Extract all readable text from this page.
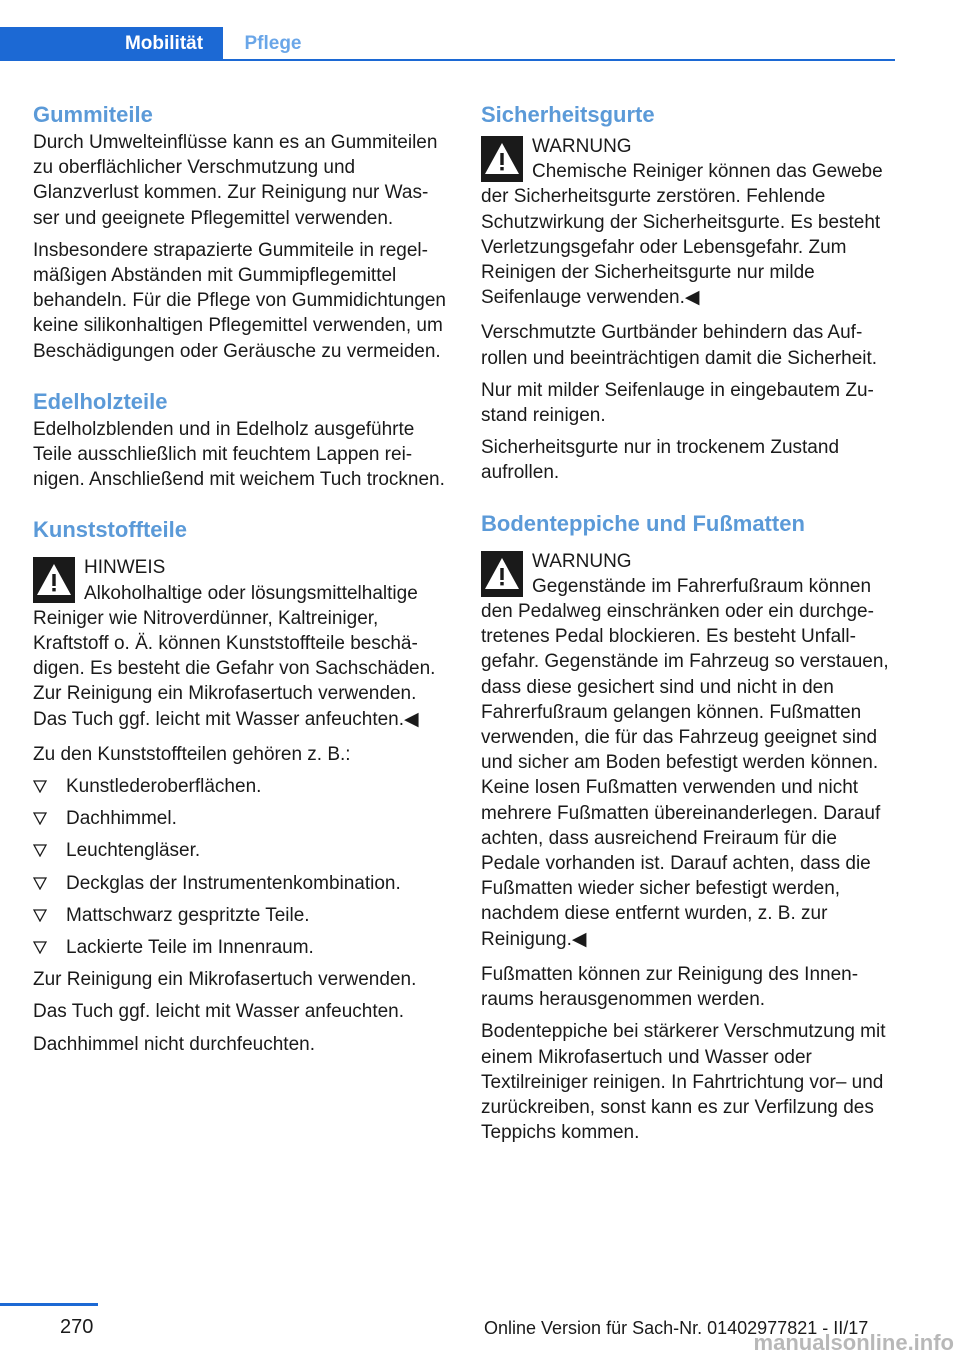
Mobilität	Pflege
Gummiteile

Durch Umwelteinflüsse kann es an Gummiteilen zu oberflächlicher Verschmutzung und Glanzverlust kommen. Zur Reinigung nur Wasser und geeignete Pflegemittel verwenden.

Insbesondere strapazierte Gummiteile in regelmäßigen Abständen mit Gummipflegemittel behandeln. Für die Pflege von Gummidichtungen keine silikonhaltigen Pflegemittel verwenden, um Beschädigungen oder Geräusche zu vermeiden.

Edelholzteile

Edelholzblenden und in Edelholz ausgeführte Teile ausschließlich mit feuchtem Lappen reinigen. Anschließend mit weichem Tuch trocknen.

Kunststoffteile
HINWEIS

Alkoholhaltige oder lösungsmittelhaltige Reiniger wie Nitroverdünner, Kaltreiniger, Kraftstoff o. Ä. können Kunststoffteile beschädigen. Es besteht die Gefahr von Sachschäden. Zur Reinigung ein Mikrofasertuch verwenden. Das Tuch ggf. leicht mit Wasser anfeuchten.◀

Zu den Kunststoffteilen gehören z. B.:

Kunstlederoberflächen.
Dachhimmel.
Leuchtengläser.
Deckglas der Instrumentenkombination.
Mattschwarz gespritzte Teile.
Lackierte Teile im Innenraum.

Zur Reinigung ein Mikrofasertuch verwenden.

Das Tuch ggf. leicht mit Wasser anfeuchten.

Dachhimmel nicht durchfeuchten.

Sicherheitsgurte
WARNUNG

Chemische Reiniger können das Gewebe der Sicherheitsgurte zerstören. Fehlende Schutzwirkung der Sicherheitsgurte. Es besteht Verletzungsgefahr oder Lebensgefahr. Zum Reinigen der Sicherheitsgurte nur milde Seifenlauge verwenden.◀

Verschmutzte Gurtbänder behindern das Aufrollen und beeinträchtigen damit die Sicherheit.

Nur mit milder Seifenlauge in eingebautem Zustand reinigen.

Sicherheitsgurte nur in trockenem Zustand aufrollen.

Bodenteppiche und Fußmatten
WARNUNG

Gegenstände im Fahrerfußraum können den Pedalweg einschränken oder ein durchgetretenes Pedal blockieren. Es besteht Unfallgefahr. Gegenstände im Fahrzeug so verstauen, dass diese gesichert sind und nicht in den Fahrerfußraum gelangen können. Fußmatten verwenden, die für das Fahrzeug geeignet sind und sicher am Boden befestigt werden können. Keine losen Fußmatten verwenden und nicht mehrere Fußmatten übereinanderlegen. Darauf achten, dass ausreichend Freiraum für die Pedale vorhanden ist. Darauf achten, dass die Fußmatten wieder sicher befestigt werden, nachdem diese entfernt wurden, z. B. zur Reinigung.◀

Fußmatten können zur Reinigung des Innenraums herausgenommen werden.

Bodenteppiche bei stärkerer Verschmutzung mit einem Mikrofasertuch und Wasser oder Textilreiniger reinigen. In Fahrtrichtung vor– und zurückreiben, sonst kann es zur Verfilzung des Teppichs kommen.

270	Online Version für Sach-Nr. 01402977821 - II/17
manualsonline.info
